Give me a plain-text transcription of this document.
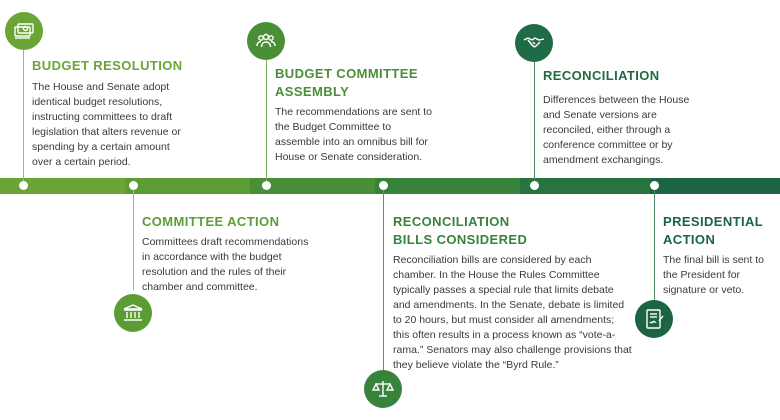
BUDGET RESOLUTION
The House and Senate adopt identical budget resolutions, instructing committees to draft legislation that alters revenue or spending by a certain amount over a certain period.
COMMITTEE ACTION
Committees draft recommendations in accordance with the budget resolution and the rules of their chamber and committee.
BUDGET COMMITTEE ASSEMBLY
The recommendations are sent to the Budget Committee to assemble into an omnibus bill for House or Senate consideration.
RECONCILIATION BILLS CONSIDERED
Reconciliation bills are considered by each chamber. In the House the Rules Committee typically passes a special rule that limits debate and amendments. In the Senate, debate is limited to 20 hours, but must consider all amendments; this often results in a process known as “vote-a-rama.” Senators may also challenge provisions that they believe violate the “Byrd Rule.”
RECONCILIATION
Differences between the House and Senate versions are reconciled, either through a conference committee or by amendment exchangings.
PRESIDENTIAL ACTION
The final bill is sent to the President for signature or veto.
